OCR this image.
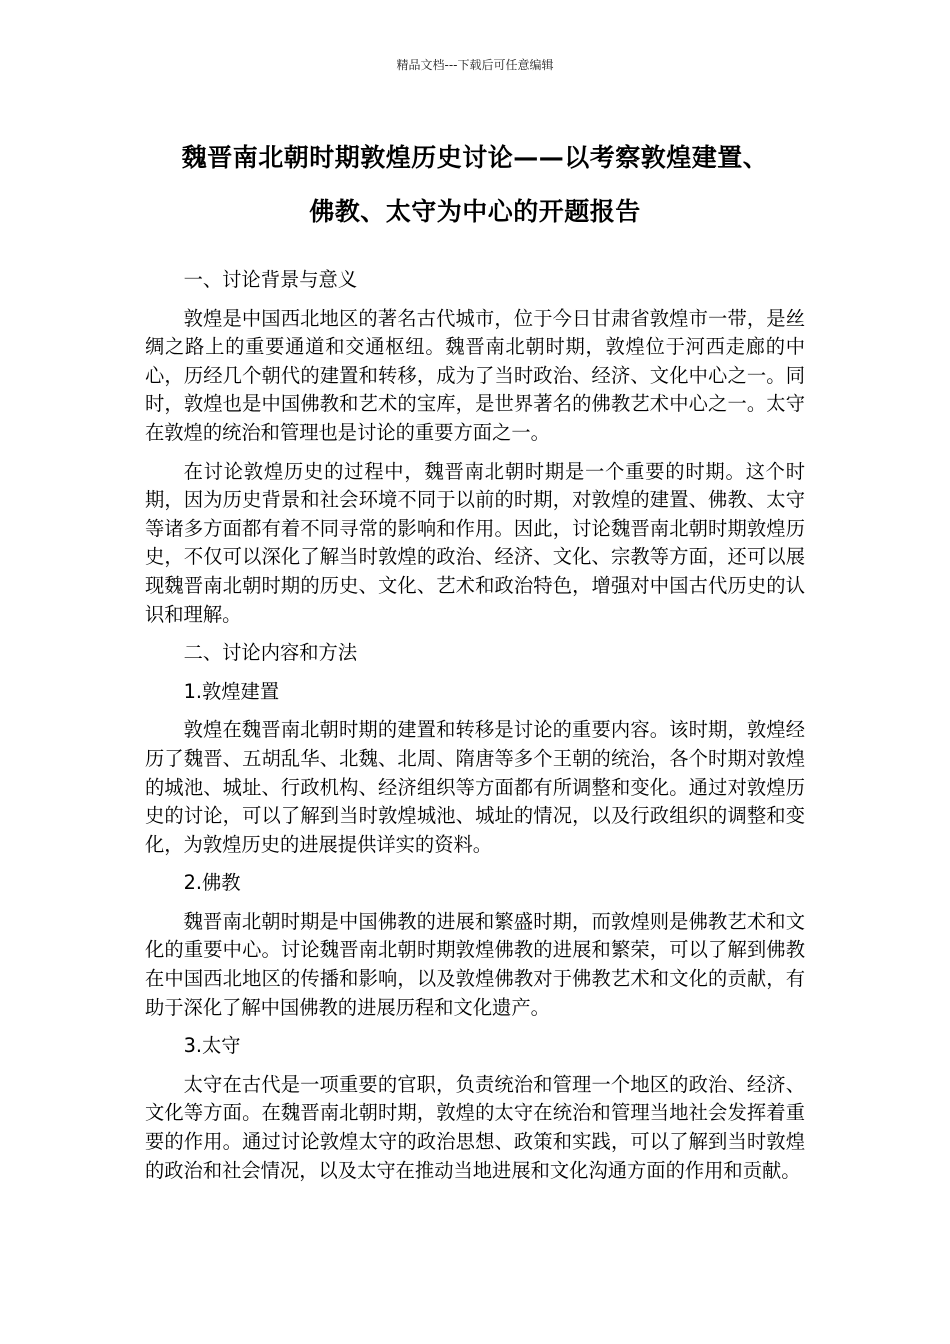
精品文档---下载后可任意编辑
魏晋南北朝时期敦煌历史讨论——以考察敦煌建置、
佛教、太守为中心的开题报告

一、讨论背景与意义

敦煌是中国西北地区的著名古代城市，位于今日甘肃省敦煌市一带，是丝绸之路上的重要通道和交通枢纽。魏晋南北朝时期，敦煌位于河西走廊的中心，历经几个朝代的建置和转移，成为了当时政治、经济、文化中心之一。同时，敦煌也是中国佛教和艺术的宝库，是世界著名的佛教艺术中心之一。太守在敦煌的统治和管理也是讨论的重要方面之一。

在讨论敦煌历史的过程中，魏晋南北朝时期是一个重要的时期。这个时期，因为历史背景和社会环境不同于以前的时期，对敦煌的建置、佛教、太守等诸多方面都有着不同寻常的影响和作用。因此，讨论魏晋南北朝时期敦煌历史，不仅可以深化了解当时敦煌的政治、经济、文化、宗教等方面，还可以展现魏晋南北朝时期的历史、文化、艺术和政治特色，增强对中国古代历史的认识和理解。

二、讨论内容和方法

1.敦煌建置

敦煌在魏晋南北朝时期的建置和转移是讨论的重要内容。该时期，敦煌经历了魏晋、五胡乱华、北魏、北周、隋唐等多个王朝的统治，各个时期对敦煌的城池、城址、行政机构、经济组织等方面都有所调整和变化。通过对敦煌历史的讨论，可以了解到当时敦煌城池、城址的情况，以及行政组织的调整和变化，为敦煌历史的进展提供详实的资料。

2.佛教

魏晋南北朝时期是中国佛教的进展和繁盛时期，而敦煌则是佛教艺术和文化的重要中心。讨论魏晋南北朝时期敦煌佛教的进展和繁荣，可以了解到佛教在中国西北地区的传播和影响，以及敦煌佛教对于佛教艺术和文化的贡献，有助于深化了解中国佛教的进展历程和文化遗产。

3.太守

太守在古代是一项重要的官职，负责统治和管理一个地区的政治、经济、文化等方面。在魏晋南北朝时期，敦煌的太守在统治和管理当地社会发挥着重要的作用。通过讨论敦煌太守的政治思想、政策和实践，可以了解到当时敦煌的政治和社会情况，以及太守在推动当地进展和文化沟通方面的作用和贡献。
